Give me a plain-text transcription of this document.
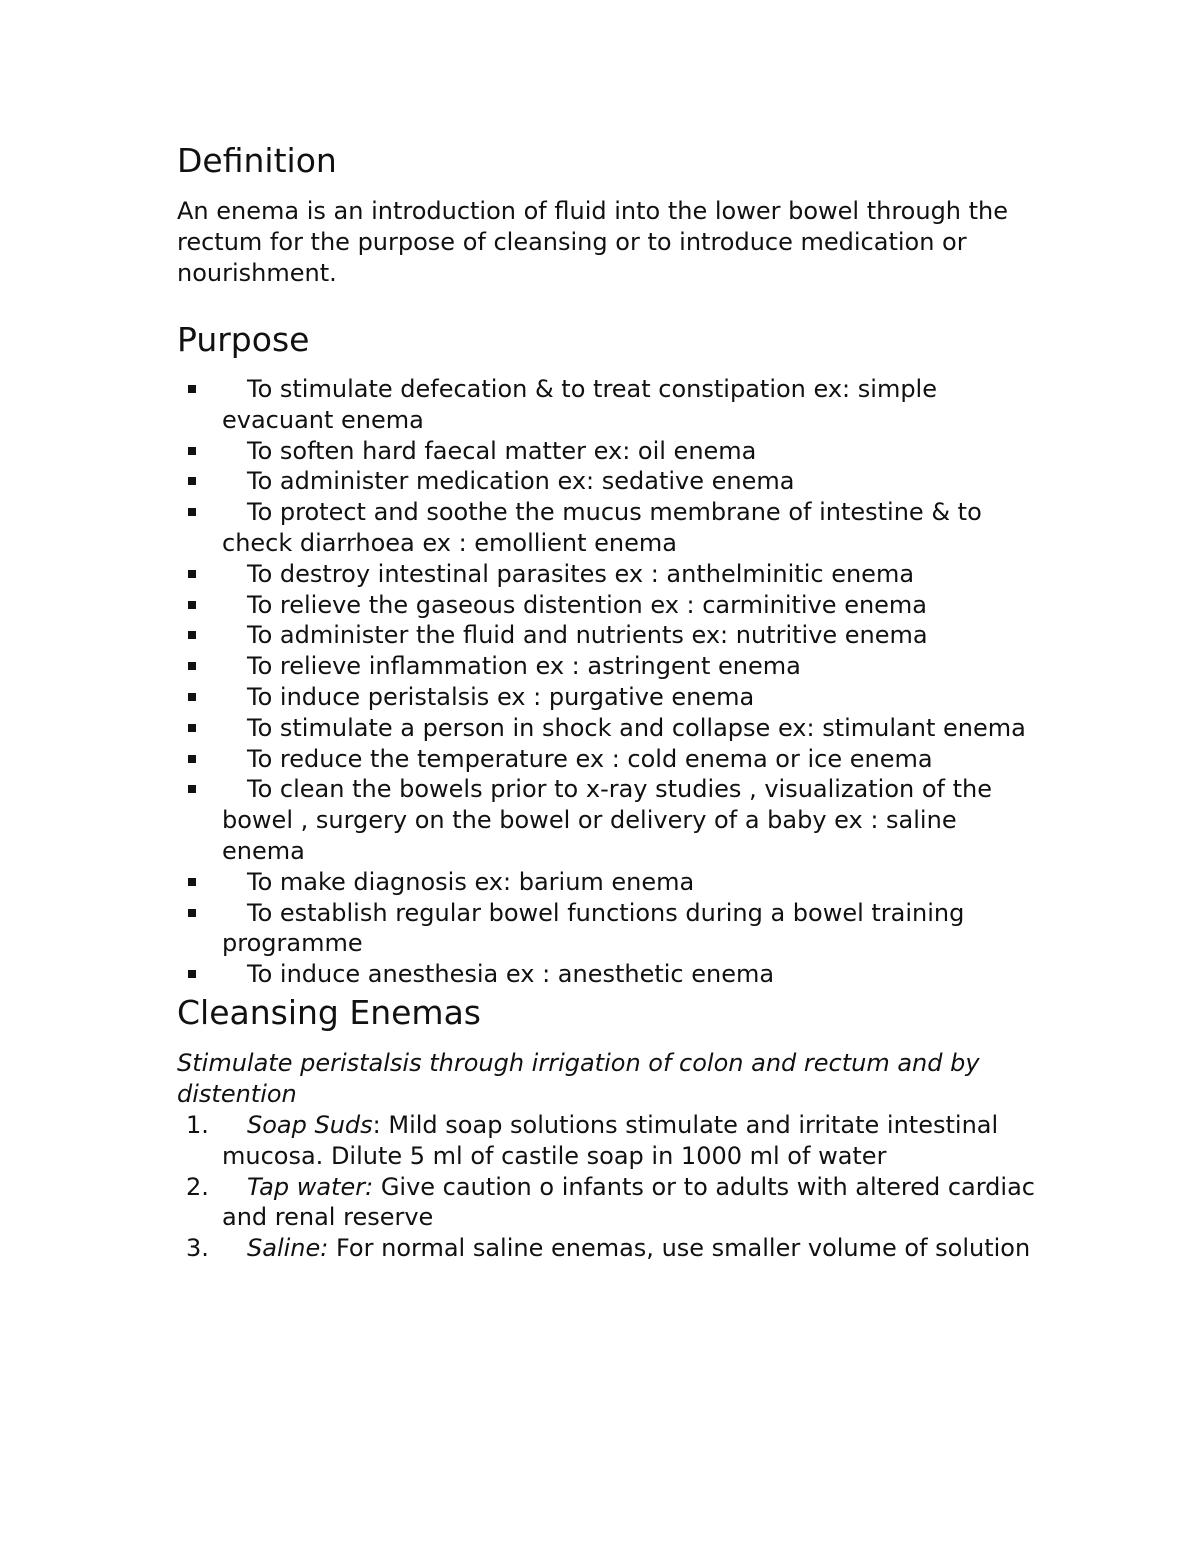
Definition

An enema is an introduction of fluid into the lower bowel through the rectum for the purpose of cleansing or to introduce medication or nourishment.

Purpose
To stimulate defecation & to treat constipation ex: simple evacuant enema
To soften hard faecal matter ex: oil enema
To administer medication ex: sedative enema
To protect and soothe the mucus membrane of intestine & to check diarrhoea ex : emollient enema
To destroy intestinal parasites ex : anthelminitic enema
To relieve the gaseous distention ex : carminitive enema
To administer the fluid and nutrients ex: nutritive enema
To relieve inflammation ex : astringent enema
To induce peristalsis ex : purgative enema
To stimulate a person in shock and collapse ex: stimulant enema
To reduce the temperature ex : cold enema or ice enema
To clean the bowels prior to x-ray studies , visualization of the bowel , surgery on the bowel or delivery of a baby ex : saline enema
To make diagnosis ex: barium enema
To establish regular bowel functions during a bowel training programme
To induce anesthesia ex : anesthetic enema
Cleansing Enemas

Stimulate peristalsis through irrigation of colon and rectum and by distention

1. Soap Suds: Mild soap solutions stimulate and irritate intestinal mucosa. Dilute 5 ml of castile soap in 1000 ml of water
2. Tap water: Give caution o infants or to adults with altered cardiac and renal reserve
3. Saline: For normal saline enemas, use smaller volume of solution
